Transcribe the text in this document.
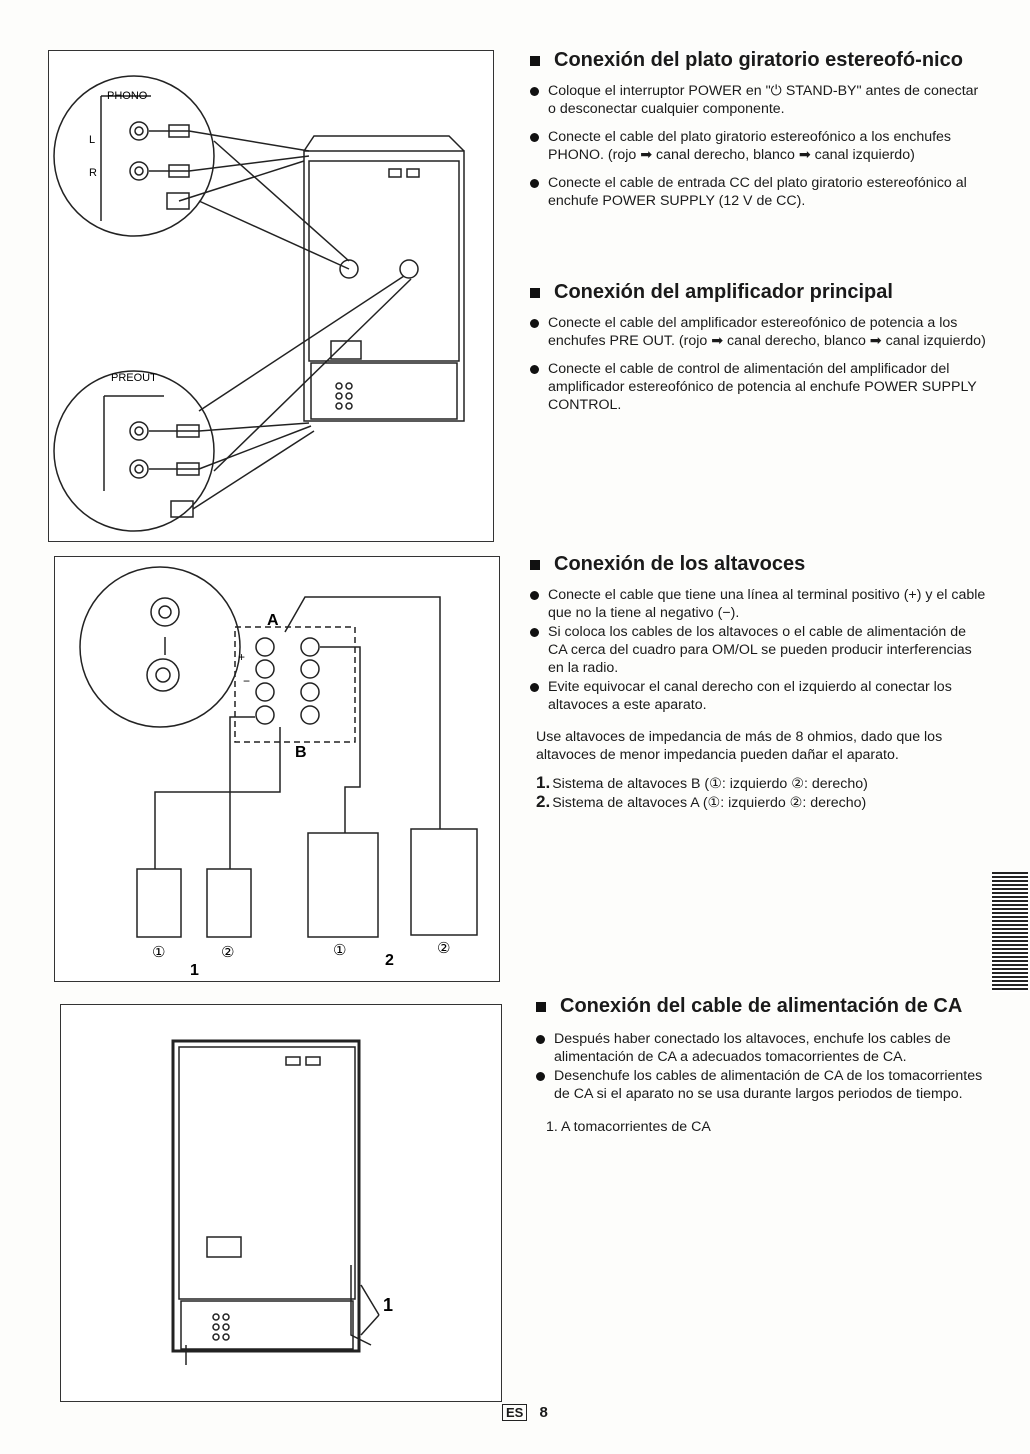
PHONO
PREOUT
L
R
A
B
①	②	①	②
1
2
+
−
1
Conexión del plato giratorio estereofó-nico
Coloque el interruptor POWER en "⏻ STAND-BY" antes de conectar o desconectar cualquier componente.
Conecte el cable del plato giratorio estereofónico a los enchufes PHONO. (rojo ➡ canal derecho, blanco ➡ canal izquierdo)
Conecte el cable de entrada CC del plato giratorio estereofónico al enchufe POWER SUPPLY (12 V de CC).
Conexión del amplificador principal
Conecte el cable del amplificador estereofónico de potencia a los enchufes PRE OUT. (rojo ➡ canal derecho, blanco ➡ canal izquierdo)
Conecte el cable de control de alimentación del amplificador del amplificador estereofónico de potencia al enchufe POWER SUPPLY CONTROL.
Conexión de los altavoces
Conecte el cable que tiene una línea al terminal positivo (+) y el cable que no la tiene al negativo (−).
Si coloca los cables de los altavoces o el cable de alimentación de CA cerca del cuadro para OM/OL se pueden producir interferencias en la radio.
Evite equivocar el canal derecho con el izquierdo al conectar los altavoces a este aparato.

Use altavoces de impedancia de más de 8 ohmios, dado que los altavoces de menor impedancia pueden dañar el aparato.

1. Sistema de altavoces B (①: izquierdo ②: derecho)
2. Sistema de altavoces A (①: izquierdo ②: derecho)
Conexión del cable de alimentación de CA
Después haber conectado los altavoces, enchufe los cables de alimentación de CA a adecuados tomacorrientes de CA.
Desenchufe los cables de alimentación de CA de los tomacorrientes de CA si el aparato no se usa durante largos periodos de tiempo.
1. A tomacorrientes de CA
ES 8
